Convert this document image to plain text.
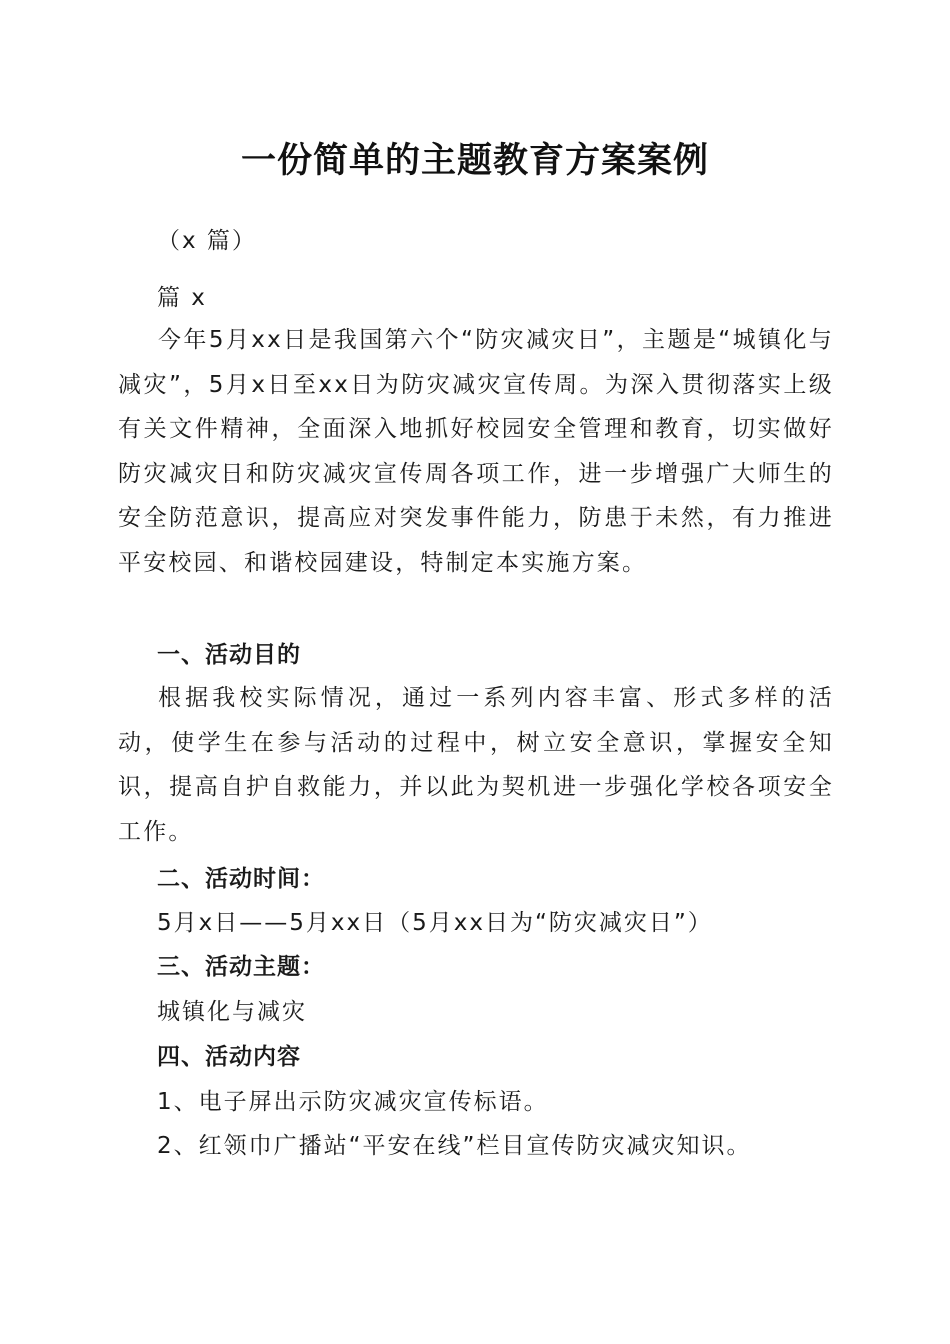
一份简单的主题教育方案案例
（x 篇）
篇 x

今年5月xx日是我国第六个“防灾减灾日”，主题是“城镇化与减灾”，5月x日至xx日为防灾减灾宣传周。为深入贯彻落实上级有关文件精神，全面深入地抓好校园安全管理和教育，切实做好防灾减灾日和防灾减灾宣传周各项工作，进一步增强广大师生的安全防范意识，提高应对突发事件能力，防患于未然，有力推进平安校园、和谐校园建设，特制定本实施方案。

一、活动目的

根据我校实际情况，通过一系列内容丰富、形式多样的活动，使学生在参与活动的过程中，树立安全意识，掌握安全知识，提高自护自救能力，并以此为契机进一步强化学校各项安全工作。

二、活动时间：
5月x日——5月xx日（5月xx日为“防灾减灾日”）
三、活动主题：
城镇化与减灾
四、活动内容
1、电子屏出示防灾减灾宣传标语。
2、红领巾广播站“平安在线”栏目宣传防灾减灾知识。
